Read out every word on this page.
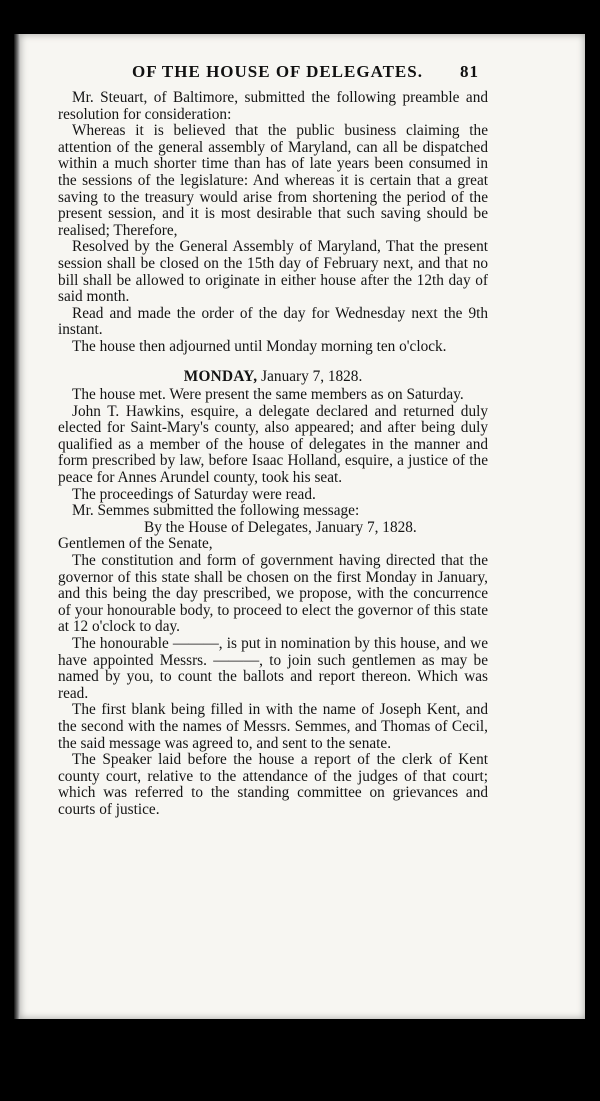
OF THE HOUSE OF DELEGATES. 81

Mr. Steuart, of Baltimore, submitted the following preamble and resolution for consideration:

Whereas it is believed that the public business claiming the attention of the general assembly of Maryland, can all be dispatched within a much shorter time than has of late years been consumed in the sessions of the legislature: And whereas it is certain that a great saving to the treasury would arise from shortening the period of the present session, and it is most desirable that such saving should be realised; Therefore,

Resolved by the General Assembly of Maryland, That the present session shall be closed on the 15th day of February next, and that no bill shall be allowed to originate in either house after the 12th day of said month.

Read and made the order of the day for Wednesday next the 9th instant.

The house then adjourned until Monday morning ten o'clock.

MONDAY, January 7, 1828.

The house met. Were present the same members as on Saturday.

John T. Hawkins, esquire, a delegate declared and returned duly elected for Saint-Mary's county, also appeared; and after being duly qualified as a member of the house of delegates in the manner and form prescribed by law, before Isaac Holland, esquire, a justice of the peace for Annes Arundel county, took his seat.

The proceedings of Saturday were read.

Mr. Semmes submitted the following message:

By the House of Delegates, January 7, 1828.

Gentlemen of the Senate,

The constitution and form of government having directed that the governor of this state shall be chosen on the first Monday in January, and this being the day prescribed, we propose, with the concurrence of your honourable body, to proceed to elect the governor of this state at 12 o'clock to day.

The honourable ———, is put in nomination by this house, and we have appointed Messrs. ———, to join such gentlemen as may be named by you, to count the ballots and report thereon. Which was read.

The first blank being filled in with the name of Joseph Kent, and the second with the names of Messrs. Semmes, and Thomas of Cecil, the said message was agreed to, and sent to the senate.

The Speaker laid before the house a report of the clerk of Kent county court, relative to the attendance of the judges of that court; which was referred to the standing committee on grievances and courts of justice.
